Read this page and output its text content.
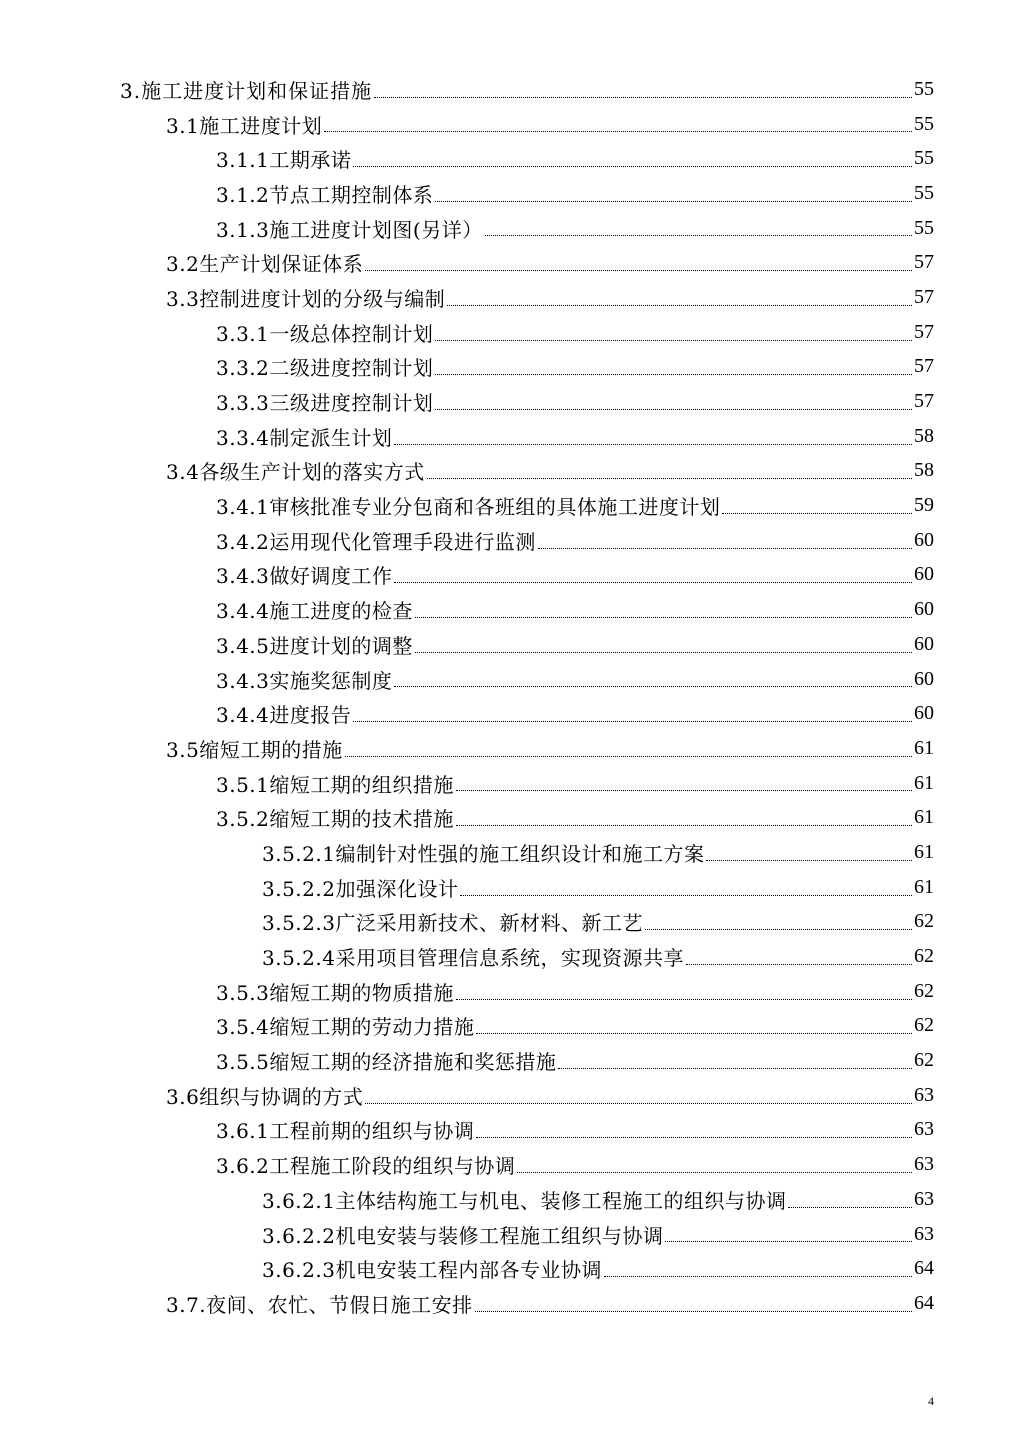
3.施工进度计划和保证措施	55
3.1施工进度计划	55
3.1.1工期承诺	55
3.1.2节点工期控制体系	55
3.1.3施工进度计划图(另详）	55
3.2生产计划保证体系	57
3.3控制进度计划的分级与编制	57
3.3.1一级总体控制计划	57
3.3.2二级进度控制计划	57
3.3.3三级进度控制计划	57
3.3.4制定派生计划	58
3.4各级生产计划的落实方式	58
3.4.1审核批准专业分包商和各班组的具体施工进度计划	59
3.4.2运用现代化管理手段进行监测	60
3.4.3做好调度工作	60
3.4.4施工进度的检查	60
3.4.5进度计划的调整	60
3.4.3实施奖惩制度	60
3.4.4进度报告	60
3.5缩短工期的措施	61
3.5.1缩短工期的组织措施	61
3.5.2缩短工期的技术措施	61
3.5.2.1编制针对性强的施工组织设计和施工方案	61
3.5.2.2加强深化设计	61
3.5.2.3广泛采用新技术、新材料、新工艺	62
3.5.2.4采用项目管理信息系统，实现资源共享	62
3.5.3缩短工期的物质措施	62
3.5.4缩短工期的劳动力措施	62
3.5.5缩短工期的经济措施和奖惩措施	62
3.6组织与协调的方式	63
3.6.1工程前期的组织与协调	63
3.6.2工程施工阶段的组织与协调	63
3.6.2.1主体结构施工与机电、装修工程施工的组织与协调	63
3.6.2.2机电安装与装修工程施工组织与协调	63
3.6.2.3机电安装工程内部各专业协调	64
3.7.夜间、农忙、节假日施工安排	64
4
